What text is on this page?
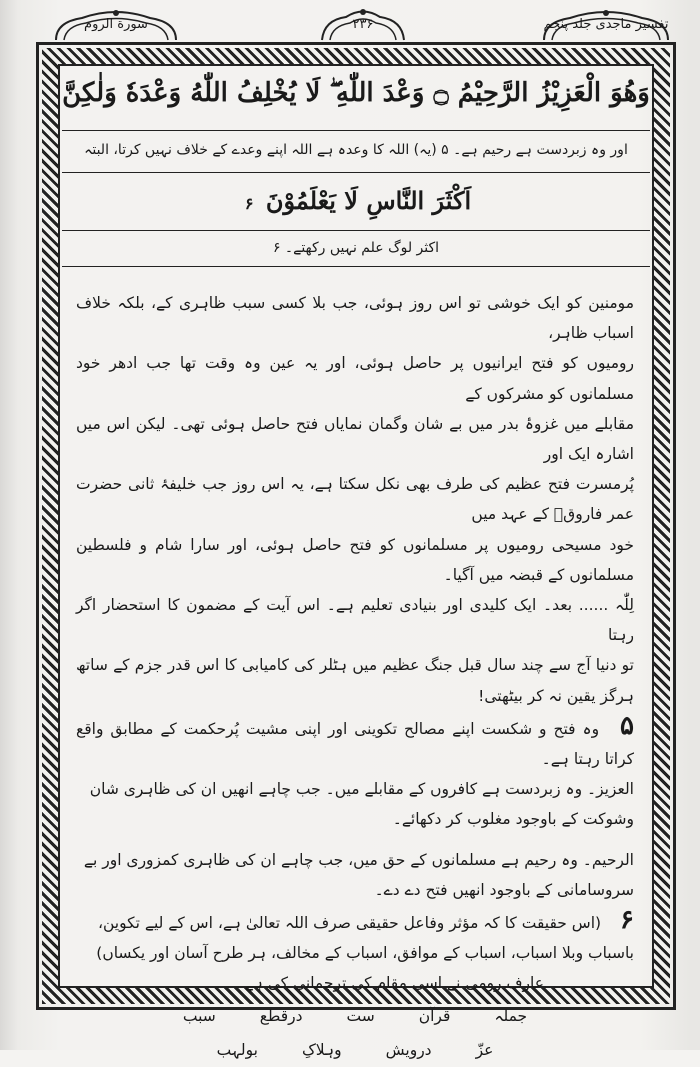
سورة الروم	۲۳۶	تفسیر ماجدی جلد پنجم
وَهُوَ الْعَزِيْزُ الرَّحِيْمُ ۝ وَعْدَ اللّٰهِ ۖ لَا يُخْلِفُ اللّٰهُ وَعْدَهٗ وَلٰكِنَّ
اور وہ زبردست ہے رحیم ہے۔ ۵ (یہ) اللہ کا وعدہ ہے اللہ اپنے وعدے کے خلاف نہیں کرتا، البتہ
اَكْثَرَ النَّاسِ لَا يَعْلَمُوْنَ ۶
اکثر لوگ علم نہیں رکھتے۔ ۶

مومنین کو ایک خوشی تو اس روز ہوئی، جب بلا کسی سبب ظاہری کے، بلکہ خلاف اسباب ظاہر،

رومیوں کو فتح ایرانیوں پر حاصل ہوئی، اور یہ عین وہ وقت تھا جب ادھر خود مسلمانوں کو مشرکوں کے

مقابلے میں غزوۂ بدر میں بے شان وگمان نمایاں فتح حاصل ہوئی تھی۔ لیکن اس میں اشارہ ایک اور

پُرمسرت فتح عظیم کی طرف بھی نکل سکتا ہے، یہ اس روز جب خلیفۂ ثانی حضرت عمر فاروقؓ کے عہد میں

خود مسیحی رومیوں پر مسلمانوں کو فتح حاصل ہوئی، اور سارا شام و فلسطین مسلمانوں کے قبضہ میں آگیا۔

لِلّٰہ ...... بعد۔ ایک کلیدی اور بنیادی تعلیم ہے۔ اس آیت کے مضمون کا استحضار اگر رہتا

تو دنیا آج سے چند سال قبل جنگ عظیم میں ہٹلر کی کامیابی کا اس قدر جزم کے ساتھ ہرگز یقین نہ کر بیٹھتی!

۵ وہ فتح و شکست اپنے مصالح تکوینی اور اپنی مشیت پُرحکمت کے مطابق واقع کراتا رہتا ہے۔

العزیز۔ وہ زبردست ہے کافروں کے مقابلے میں۔ جب چاہے انھیں ان کی ظاہری شان

وشوکت کے باوجود مغلوب کر دکھائے۔

الرحیم۔ وہ رحیم ہے مسلمانوں کے حق میں، جب چاہے ان کی ظاہری کمزوری اور بے

سروسامانی کے باوجود انھیں فتح دے دے۔

۶ (اس حقیقت کا کہ مؤثر وفاعل حقیقی صرف اللہ تعالیٰ ہے، اس کے لیے تکوین،

باسباب وبلا اسباب، اسباب کے موافق، اسباب کے مخالف، ہر طرح آسان اور یکساں)

عارف رومی نے اسی مقام کی ترجمانی کی ہے

جملہقرآنستدرقطعسبب
عزّدرویشوہلاکِبولہب
